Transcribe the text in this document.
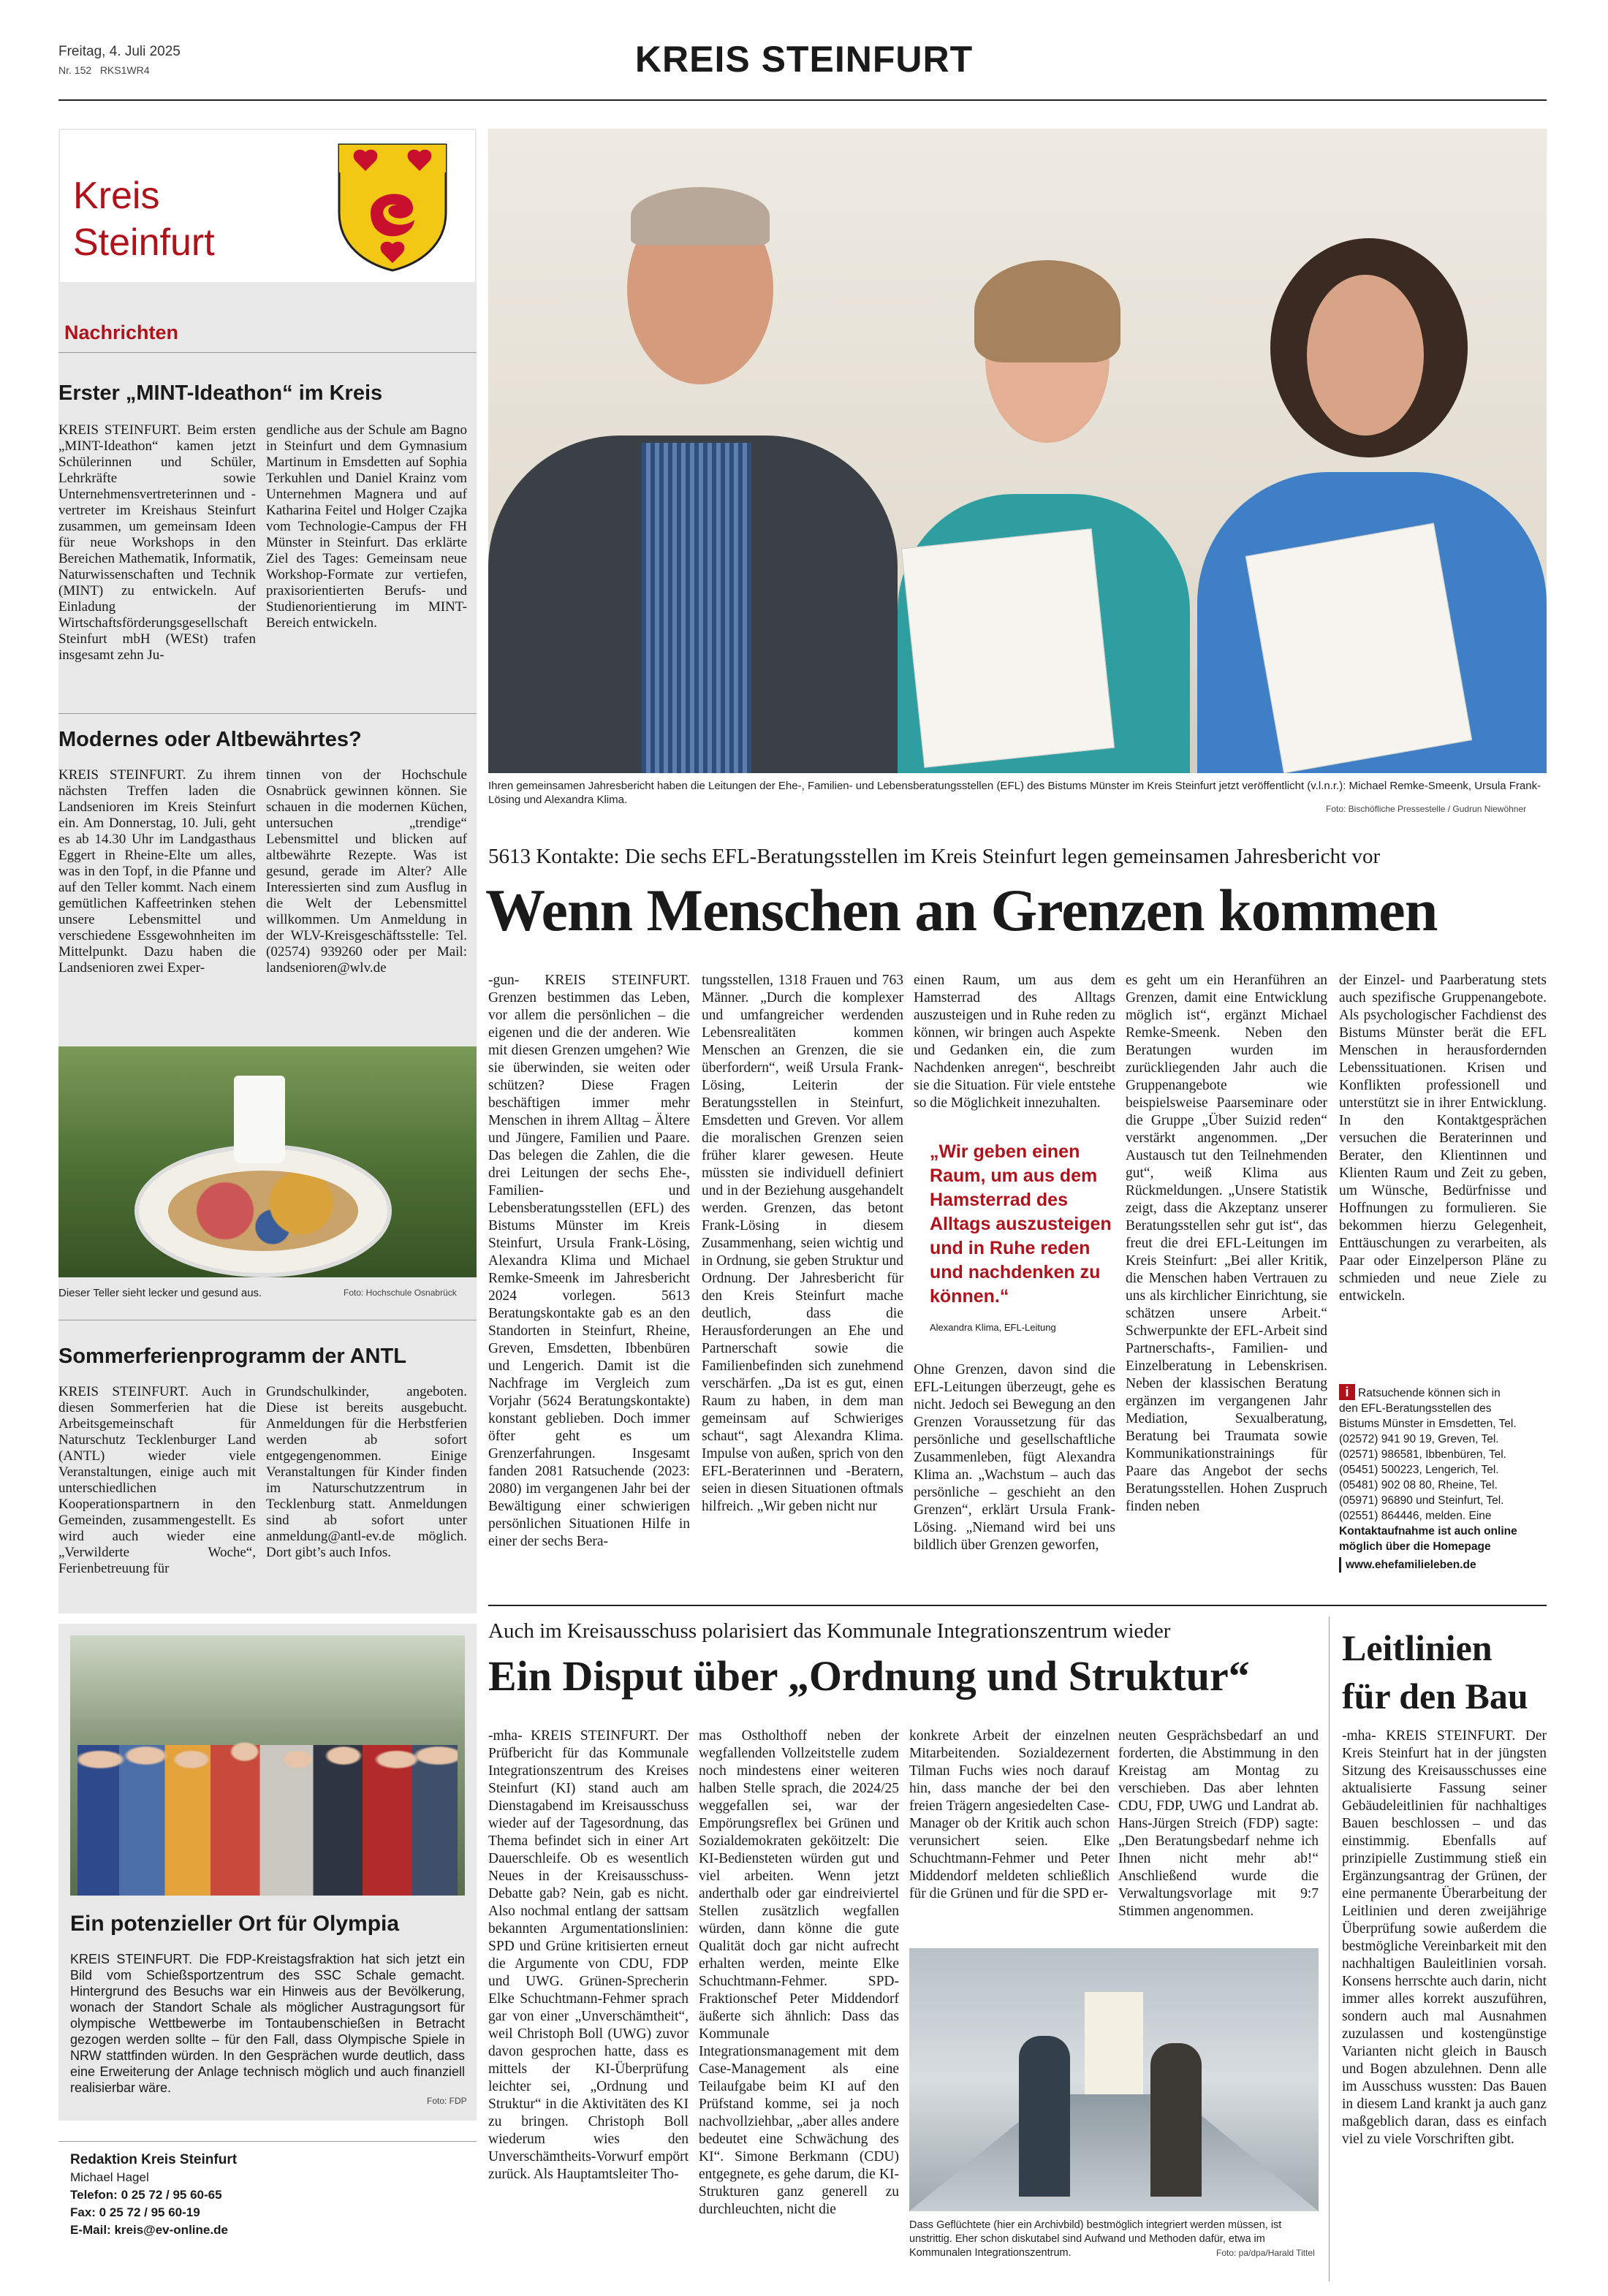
Freitag, 4. Juli 2025
Nr. 152 RKS1WR4	KREIS STEINFURT
Kreis
Steinfurt
Nachrichten
Erster „MINT-Ideathon“ im Kreis

KREIS STEINFURT. Beim ersten „MINT-Ideathon“ kamen jetzt Schülerinnen und Schüler, Lehrkräfte sowie Unternehmensvertreterinnen und -vertreter im Kreishaus Steinfurt zusammen, um gemeinsam Ideen für neue Workshops in den Bereichen Mathematik, Informatik, Naturwissenschaften und Technik (MINT) zu entwickeln. Auf Einladung der Wirtschaftsförderungsgesellschaft Steinfurt mbH (WESt) trafen insgesamt zehn Ju-

gendliche aus der Schule am Bagno in Steinfurt und dem Gymnasium Martinum in Emsdetten auf Sophia Terkuhlen und Daniel Krainz vom Unternehmen Magnera und auf Katharina Feitel und Holger Czajka vom Technologie-Campus der FH Münster in Steinfurt. Das erklärte Ziel des Tages: Gemeinsam neue Workshop-Formate zur vertiefen, praxisorientierten Berufs- und Studienorientierung im MINT-Bereich entwickeln.

Modernes oder Altbewährtes?

KREIS STEINFURT. Zu ihrem nächsten Treffen laden die Landsenioren im Kreis Steinfurt ein. Am Donnerstag, 10. Juli, geht es ab 14.30 Uhr im Landgasthaus Eggert in Rheine-Elte um alles, was in den Topf, in die Pfanne und auf den Teller kommt. Nach einem gemütlichen Kaffeetrinken stehen unsere Lebensmittel und verschiedene Essgewohnheiten im Mittelpunkt. Dazu haben die Landsenioren zwei Exper-

tinnen von der Hochschule Osnabrück gewinnen können. Sie schauen in die modernen Küchen, untersuchen „trendige“ Lebensmittel und blicken auf altbewährte Rezepte. Was ist gesund, gerade im Alter? Alle Interessierten sind zum Ausflug in die Welt der Lebensmittel willkommen. Um Anmeldung in der WLV-Kreisgeschäftsstelle: Tel. (02574) 939260 oder per Mail: landsenioren@wlv.de

Dieser Teller sieht lecker und gesund aus.	Foto: Hochschule Osnabrück
Sommerferienprogramm der ANTL

KREIS STEINFURT. Auch in diesen Sommerferien hat die Arbeitsgemeinschaft für Naturschutz Tecklenburger Land (ANTL) wieder viele Veranstaltungen, einige auch mit unterschiedlichen Kooperationspartnern in den Gemeinden, zusammengestellt. Es wird auch wieder eine „Verwilderte Woche“, Ferienbetreuung für

Grundschulkinder, angeboten. Diese ist bereits ausgebucht. Anmeldungen für die Herbstferien werden ab sofort entgegengenommen. Einige Veranstaltungen für Kinder finden im Naturschutzzentrum in Tecklenburg statt. Anmeldungen sind ab sofort unter anmeldung@antl-ev.de möglich. Dort gibt’s auch Infos.

Ein potenzieller Ort für Olympia

KREIS STEINFURT. Die FDP-Kreistagsfraktion hat sich jetzt ein Bild vom Schießsportzentrum des SSC Schale gemacht. Hintergrund des Besuchs war ein Hinweis aus der Bevölkerung, wonach der Standort Schale als möglicher Austragungsort für olympische Wettbewerbe im Tontaubenschießen in Betracht gezogen werden sollte – für den Fall, dass Olympische Spiele in NRW stattfinden würden. In den Gesprächen wurde deutlich, dass eine Erweiterung der Anlage technisch möglich und auch finanziell realisierbar wäre.

Foto: FDP
Redaktion Kreis Steinfurt
Michael Hagel
Telefon: 0 25 72 / 95 60-65
Fax: 0 25 72 / 95 60-19
E-Mail: kreis@ev-online.de
Ihren gemeinsamen Jahresbericht haben die Leitungen der Ehe-, Familien- und Lebensberatungsstellen (EFL) des Bistums Münster im Kreis Steinfurt jetzt veröffentlicht (v.l.n.r.): Michael Remke-Smeenk, Ursula Frank-Lösing und Alexandra Klima.
Foto: Bischöfliche Pressestelle / Gudrun Niewöhner
5613 Kontakte: Die sechs EFL-Beratungsstellen im Kreis Steinfurt legen gemeinsamen Jahresbericht vor
Wenn Menschen an Grenzen kommen

-gun- KREIS STEINFURT. Grenzen bestimmen das Leben, vor allem die persönlichen – die eigenen und die der anderen. Wie mit diesen Grenzen umgehen? Wie sie überwinden, sie weiten oder schützen? Diese Fragen beschäftigen immer mehr Menschen in ihrem Alltag – Ältere und Jüngere, Familien und Paare. Das belegen die Zahlen, die die drei Leitungen der sechs Ehe-, Familien- und Lebensberatungsstellen (EFL) des Bistums Münster im Kreis Steinfurt, Ursula Frank-Lösing, Alexandra Klima und Michael Remke-Smeenk im Jahresbericht 2024 vorlegen. 5613 Beratungskontakte gab es an den Standorten in Steinfurt, Rheine, Greven, Emsdetten, Ibbenbüren und Lengerich. Damit ist die Nachfrage im Vergleich zum Vorjahr (5624 Beratungskontakte) konstant geblieben. Doch immer öfter geht es um Grenzerfahrungen. Insgesamt fanden 2081 Ratsuchende (2023: 2080) im vergangenen Jahr bei der Bewältigung einer schwierigen persönlichen Situationen Hilfe in einer der sechs Bera-

tungsstellen, 1318 Frauen und 763 Männer. „Durch die komplexer und umfangreicher werdenden Lebensrealitäten kommen Menschen an Grenzen, die sie überfordern“, weiß Ursula Frank-Lösing, Leiterin der Beratungsstellen in Steinfurt, Emsdetten und Greven. Vor allem die moralischen Grenzen seien früher klarer gewesen. Heute müssten sie individuell definiert und in der Beziehung ausgehandelt werden. Grenzen, das betont Frank-Lösing in diesem Zusammenhang, seien wichtig und in Ordnung, sie geben Struktur und Ordnung. Der Jahresbericht für den Kreis Steinfurt mache deutlich, dass die Herausforderungen an Ehe und Partnerschaft sowie die Familienbefinden sich zunehmend verschärfen. „Da ist es gut, einen Raum zu haben, in dem man gemeinsam auf Schwieriges schaut“, sagt Alexandra Klima. Impulse von außen, sprich von den EFL-Beraterinnen und -Beratern, seien in diesen Situationen oftmals hilfreich. „Wir geben nicht nur

einen Raum, um aus dem Hamsterrad des Alltags auszusteigen und in Ruhe reden zu können, wir bringen auch Aspekte und Gedanken ein, die zum Nachdenken anregen“, beschreibt sie die Situation. Für viele entstehe so die Möglichkeit innezuhalten.

„Wir geben einen Raum, um aus dem Hamsterrad des Alltags auszusteigen und in Ruhe reden und nachdenken zu können.“
Alexandra Klima, EFL-Leitung

Ohne Grenzen, davon sind die EFL-Leitungen überzeugt, gehe es nicht. Jedoch sei Bewegung an den Grenzen Voraussetzung für das persönliche und gesellschaftliche Zusammenleben, fügt Alexandra Klima an. „Wachstum – auch das persönliche – geschieht an den Grenzen“, erklärt Ursula Frank-Lösing. „Niemand wird bei uns bildlich über Grenzen geworfen,

es geht um ein Heranführen an Grenzen, damit eine Entwicklung möglich ist“, ergänzt Michael Remke-Smeenk. Neben den Beratungen wurden im zurückliegenden Jahr auch die Gruppenangebote wie beispielsweise Paarseminare oder die Gruppe „Über Suizid reden“ verstärkt angenommen. „Der Austausch tut den Teilnehmenden gut“, weiß Klima aus Rückmeldungen. „Unsere Statistik zeigt, dass die Akzeptanz unserer Beratungsstellen sehr gut ist“, das freut die drei EFL-Leitungen im Kreis Steinfurt: „Bei aller Kritik, die Menschen haben Vertrauen zu uns als kirchlicher Einrichtung, sie schätzen unsere Arbeit.“ Schwerpunkte der EFL-Arbeit sind Partnerschafts-, Familien- und Einzelberatung in Lebenskrisen. Neben der klassischen Beratung ergänzen im vergangenen Jahr Mediation, Sexualberatung, Beratung bei Traumata sowie Kommunikationstrainings für Paare das Angebot der sechs Beratungsstellen. Hohen Zuspruch finden neben

der Einzel- und Paarberatung stets auch spezifische Gruppenangebote. Als psychologischer Fachdienst des Bistums Münster berät die EFL Menschen in herausfordernden Lebenssituationen. Krisen und Konflikten professionell und unterstützt sie in ihrer Entwicklung. In den Kontaktgesprächen versuchen die Beraterinnen und Berater, den Klientinnen und Klienten Raum und Zeit zu geben, um Wünsche, Bedürfnisse und Hoffnungen zu formulieren. Sie bekommen hierzu Gelegenheit, Enttäuschungen zu verarbeiten, als Paar oder Einzelperson Pläne zu schmieden und neue Ziele zu entwickeln.

i Ratsuchende können sich in
den EFL-Beratungsstellen des
Bistums Münster in Emsdetten, Tel.
(02572) 941 90 19, Greven, Tel.
(02571) 986581, Ibbenbüren, Tel.
(05451) 500223, Lengerich, Tel.
(05481) 902 08 80, Rheine, Tel.
(05971) 96890 und Steinfurt, Tel.
(02551) 864446, melden. Eine
Kontaktaufnahme ist auch online
möglich über die Homepage
www.ehefamilieleben.de
Auch im Kreisausschuss polarisiert das Kommunale Integrationszentrum wieder
Ein Disput über „Ordnung und Struktur“

-mha- KREIS STEINFURT. Der Prüfbericht für das Kommunale Integrationszentrum des Kreises Steinfurt (KI) stand auch am Dienstagabend im Kreisausschuss wieder auf der Tagesordnung, das Thema befindet sich in einer Art Dauerschleife. Ob es wesentlich Neues in der Kreisausschuss-Debatte gab? Nein, gab es nicht. Also nochmal entlang der sattsam bekannten Argumentationslinien: SPD und Grüne kritisierten erneut die Argumente von CDU, FDP und UWG. Grünen-Sprecherin Elke Schuchtmann-Fehmer sprach gar von einer „Unverschämtheit“, weil Christoph Boll (UWG) zuvor davon gesprochen hatte, dass es mittels der KI-Überprüfung leichter sei, „Ordnung und Struktur“ in die Aktivitäten des KI zu bringen. Christoph Boll wiederum wies den Unverschämtheits-Vorwurf empört zurück. Als Hauptamtsleiter Tho-

mas Ostholthoff neben der wegfallenden Vollzeitstelle zudem noch mindestens einer weiteren halben Stelle sprach, die 2024/25 weggefallen sei, war der Empörungsreflex bei Grünen und Sozialdemokraten geköitzelt: Die KI-Bediensteten würden gut und viel arbeiten. Wenn jetzt anderthalb oder gar eindreiviertel Stellen zusätzlich wegfallen würden, dann könne die gute Qualität doch gar nicht aufrecht erhalten werden, meinte Elke Schuchtmann-Fehmer. SPD-Fraktionschef Peter Middendorf äußerte sich ähnlich: Dass das Kommunale Integrationsmanagement mit dem Case-Management als eine Teilaufgabe beim KI auf den Prüfstand komme, sei ja noch nachvollziehbar, „aber alles andere bedeutet eine Schwächung des KI“. Simone Berkmann (CDU) entgegnete, es gehe darum, die KI-Strukturen ganz generell zu durchleuchten, nicht die

konkrete Arbeit der einzelnen Mitarbeitenden. Sozialdezernent Tilman Fuchs wies noch darauf hin, dass manche der bei den freien Trägern angesiedelten Case-Manager ob der Kritik auch schon verunsichert seien. Elke Schuchtmann-Fehmer und Peter Middendorf meldeten schließlich für die Grünen und für die SPD er-

neuten Gesprächsbedarf an und forderten, die Abstimmung in den Kreistag am Montag zu verschieben. Das aber lehnten CDU, FDP, UWG und Landrat ab. Hans-Jürgen Streich (FDP) sagte: „Den Beratungsbedarf nehme ich Ihnen nicht mehr ab!“ Anschließend wurde die Verwaltungsvorlage mit 9:7 Stimmen angenommen.

Dass Geflüchtete (hier ein Archivbild) bestmöglich integriert werden müssen, ist unstrittig. Eher schon diskutabel sind Aufwand und Methoden dafür, etwa im Kommunalen Integrationszentrum.	Foto: pa/dpa/Harald Tittel
Leitlinien
für den Bau

-mha- KREIS STEINFURT. Der Kreis Steinfurt hat in der jüngsten Sitzung des Kreisausschusses eine aktualisierte Fassung seiner Gebäudeleitlinien für nachhaltiges Bauen beschlossen – und das einstimmig. Ebenfalls auf prinzipielle Zustimmung stieß ein Ergänzungsantrag der Grünen, der eine permanente Überarbeitung der Leitlinien und deren zweijährige Überprüfung sowie außerdem die bestmögliche Vereinbarkeit mit den nachhaltigen Bauleitlinien vorsah. Konsens herrschte auch darin, nicht immer alles korrekt auszuführen, sondern auch mal Ausnahmen zuzulassen und kostengünstige Varianten nicht gleich in Bausch und Bogen abzulehnen. Denn alle im Ausschuss wussten: Das Bauen in diesem Land krankt ja auch ganz maßgeblich daran, dass es einfach viel zu viele Vorschriften gibt.
